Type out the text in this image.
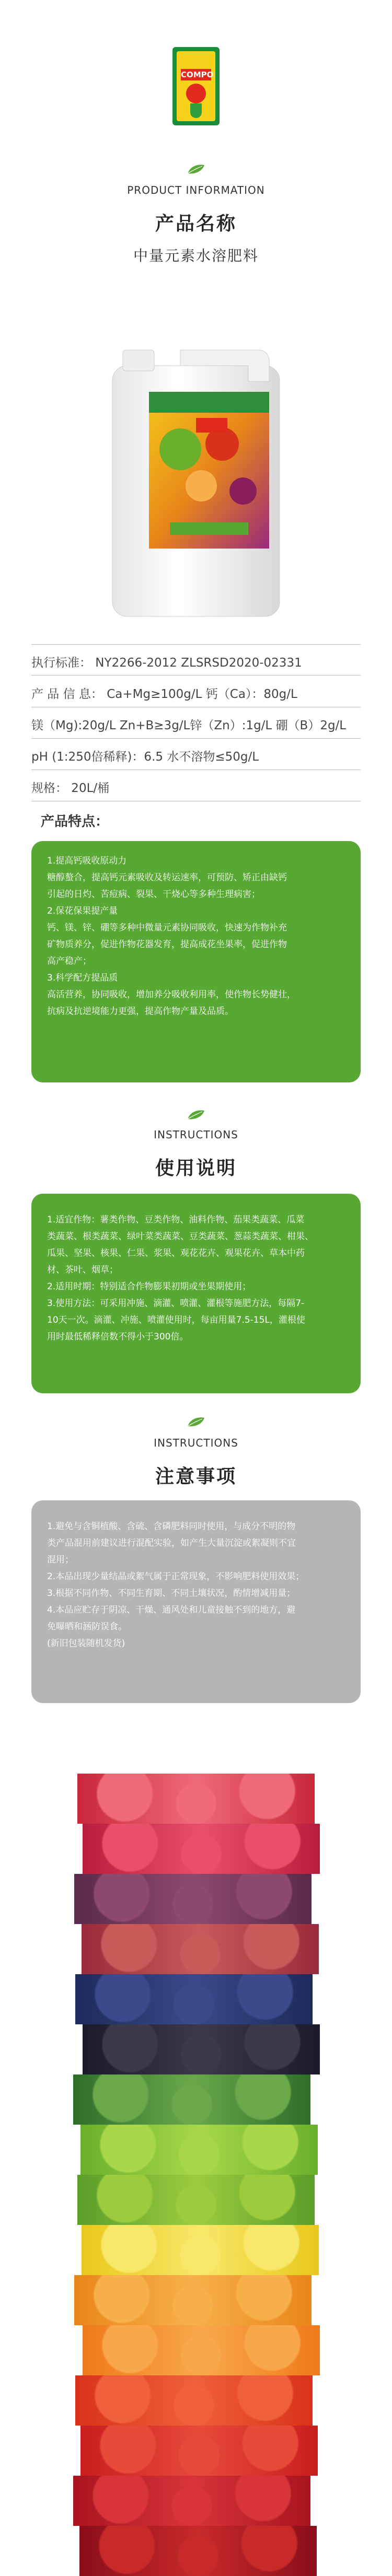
COMPO
PRODUCT INFORMATION
产品名称
中量元素水溶肥料
执行标准： NY2266-2012 ZLSRSD2020-02331
产 品 信 息： Ca+Mg≥100g/L 钙（Ca）：80g/L
镁（Mg):20g/L Zn+B≥3g/L锌（Zn）:1g/L 硼（B）2g/L
pH (1:250倍稀释)：6.5 水不溶物≤50g/L
规格： 20L/桶
产品特点：

1.提高钙吸收原动力

糖醇螯合，提高钙元素吸收及转运速率，可预防、矫正由缺钙

引起的日灼、苦痘病、裂果、干烧心等多种生理病害；

2.保花保果提产量

钙、镁、锌、硼等多种中微量元素协同吸收，快速为作物补充

矿物质养分，促进作物花器发育，提高成花坐果率，促进作物

高产稳产；

3.科学配方提品质

高活营养，协同吸收，增加养分吸收利用率，使作物长势健壮，

抗病及抗逆境能力更强，提高作物产量及品质。

INSTRUCTIONS
使用说明

1.适宜作物：薯类作物、豆类作物、油料作物、茄果类蔬菜、瓜菜

类蔬菜、根类蔬菜、绿叶菜类蔬菜、豆类蔬菜、葱蒜类蔬菜、柑果、

瓜果、坚果、核果、仁果、浆果、观花花卉、观果花卉、草本中药

材、茶叶、烟草；

2.适用时期：特别适合作物膨果初期或坐果期使用；

3.使用方法：可采用冲施、滴灌、喷灌、灌根等施肥方法，每隔7-

10天一次。滴灌、冲施、喷灌使用时，每亩用量7.5-15L，灌根使

用时最低稀释倍数不得小于300倍。

INSTRUCTIONS
注意事项

1.避免与含铜植酸、含硫、含磷肥料同时使用，与成分不明的物

类产品混用前建议进行混配实验，如产生大量沉淀或絮凝则不宜

混用；

2.本品出现少量结晶或絮气属于正常现象，不影响肥料使用效果；

3.根据不同作物、不同生育期、不同土壤状况，酌情增减用量；

4.本品应贮存于阴凉、干燥、通风处和儿童接触不到的地方，避

免曝晒和涵防误食。

(新旧包装随机发货)
